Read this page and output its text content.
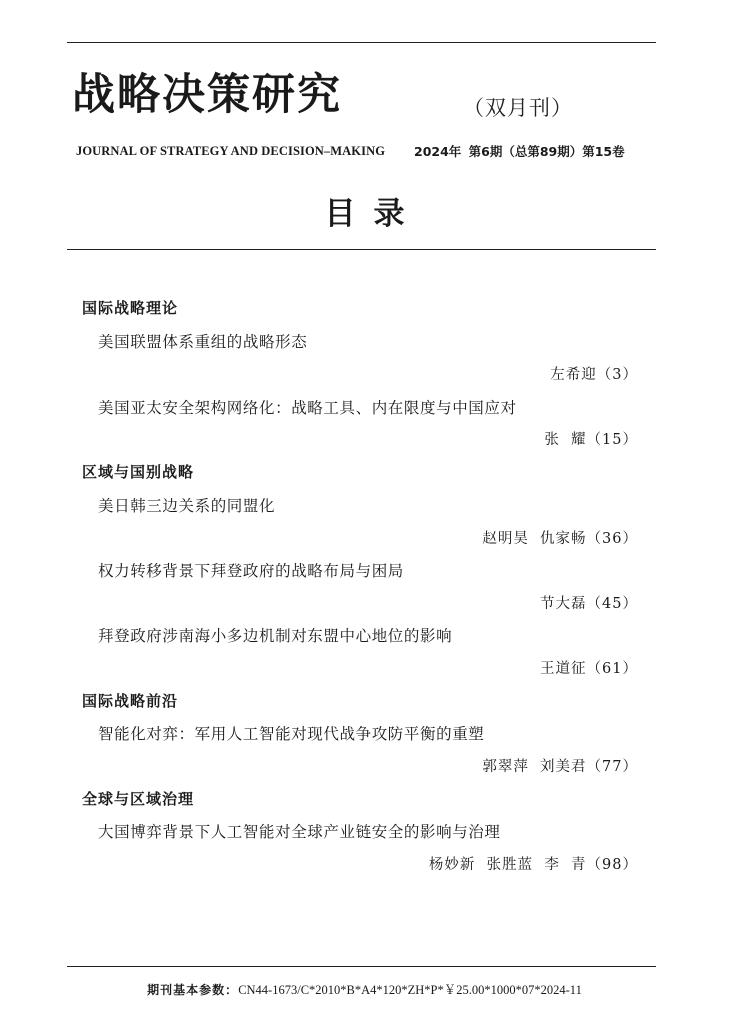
战略决策研究	（双月刊）
JOURNAL OF STRATEGY AND DECISION–MAKING 2024年 第6期（总第89期）第15卷
目录
国际战略理论
美国联盟体系重组的战略形态
左希迎（3）
美国亚太安全架构网络化：战略工具、内在限度与中国应对
张  耀（15）
区域与国别战略
美日韩三边关系的同盟化
赵明昊  仇家畅（36）
权力转移背景下拜登政府的战略布局与困局
节大磊（45）
拜登政府涉南海小多边机制对东盟中心地位的影响
王道征（61）
国际战略前沿
智能化对弈：军用人工智能对现代战争攻防平衡的重塑
郭翠萍  刘美君（77）
全球与区域治理
大国博弈背景下人工智能对全球产业链安全的影响与治理
杨妙新  张胜蓝  李  青（98）
期刊基本参数：CN44-1673/C*2010*B*A4*120*ZH*P*￥25.00*1000*07*2024-11
